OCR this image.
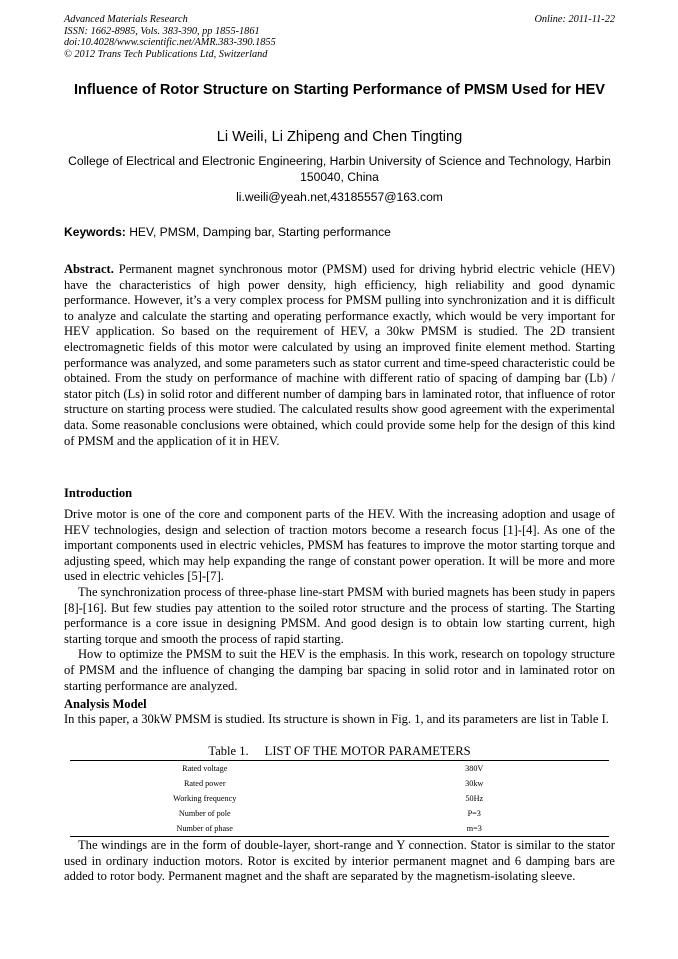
Advanced Materials Research
ISSN: 1662-8985, Vols. 383-390, pp 1855-1861
doi:10.4028/www.scientific.net/AMR.383-390.1855
© 2012 Trans Tech Publications Ltd, Switzerland
Online: 2011-11-22
Influence of Rotor Structure on Starting Performance of PMSM Used for HEV
Li Weili, Li Zhipeng and Chen Tingting
College of Electrical and Electronic Engineering, Harbin University of Science and Technology, Harbin 150040, China
li.weili@yeah.net,43185557@163.com
Keywords: HEV, PMSM, Damping bar, Starting performance
Abstract. Permanent magnet synchronous motor (PMSM) used for driving hybrid electric vehicle (HEV) have the characteristics of high power density, high efficiency, high reliability and good dynamic performance. However, it’s a very complex process for PMSM pulling into synchronization and it is difficult to analyze and calculate the starting and operating performance exactly, which would be very important for HEV application. So based on the requirement of HEV, a 30kw PMSM is studied. The 2D transient electromagnetic fields of this motor were calculated by using an improved finite element method. Starting performance was analyzed, and some parameters such as stator current and time-speed characteristic could be obtained. From the study on performance of machine with different ratio of spacing of damping bar (Lb) / stator pitch (Ls) in solid rotor and different number of damping bars in laminated rotor, that influence of rotor structure on starting process were studied. The calculated results show good agreement with the experimental data. Some reasonable conclusions were obtained, which could provide some help for the design of this kind of PMSM and the application of it in HEV.
Introduction
Drive motor is one of the core and component parts of the HEV. With the increasing adoption and usage of HEV technologies, design and selection of traction motors become a research focus [1]-[4]. As one of the important components used in electric vehicles, PMSM has features to improve the motor starting torque and adjusting speed, which may help expanding the range of constant power operation. It will be more and more used in electric vehicles [5]-[7].
The synchronization process of three-phase line-start PMSM with buried magnets has been study in papers [8]-[16]. But few studies pay attention to the soiled rotor structure and the process of starting. The Starting performance is a core issue in designing PMSM. And good design is to obtain low starting current, high starting torque and smooth the process of rapid starting.
How to optimize the PMSM to suit the HEV is the emphasis. In this work, research on topology structure of PMSM and the influence of changing the damping bar spacing in solid rotor and in laminated rotor on starting performance are analyzed.
Analysis Model
In this paper, a 30kW PMSM is studied. Its structure is shown in Fig. 1, and its parameters are list in Table I.
Table 1. LIST OF THE MOTOR PARAMETERS
Rated voltage	380V
Rated power	30kw
Working frequency	50Hz
Number of pole	P=3
Number of phase	m=3
The windings are in the form of double-layer, short-range and Y connection. Stator is similar to the stator used in ordinary induction motors. Rotor is excited by interior permanent magnet and 6 damping bars are added to rotor body. Permanent magnet and the shaft are separated by the magnetism-isolating sleeve.
